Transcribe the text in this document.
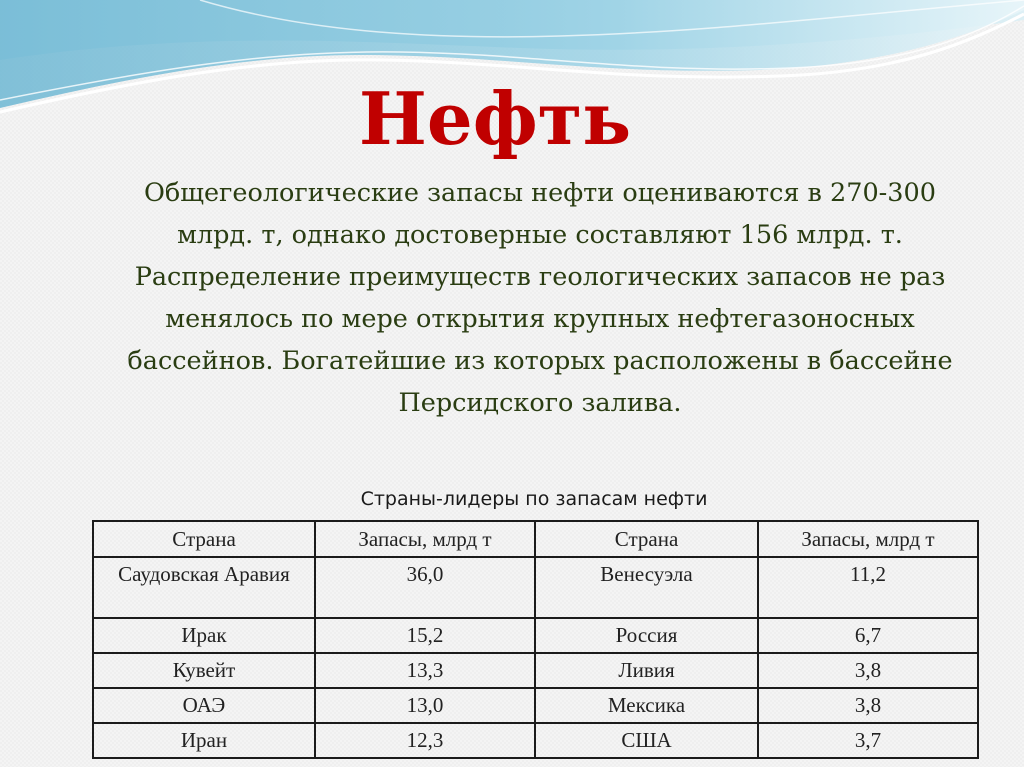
Нефть

Общегеологические запасы нефти оцениваются в 270-300 млрд. т, однако достоверные составляют 156 млрд. т. Распределение преимуществ геологических запасов не раз менялось по мере открытия крупных нефтегазоносных бассейнов. Богатейшие из которых расположены в бассейне Персидского залива.

Страны-лидеры по запасам нефти
Страна	Запасы, млрд т	Страна	Запасы, млрд т
Саудовская Аравия	36,0	Венесуэла	11,2
Ирак	15,2	Россия	6,7
Кувейт	13,3	Ливия	3,8
ОАЭ	13,0	Мексика	3,8
Иран	12,3	США	3,7
